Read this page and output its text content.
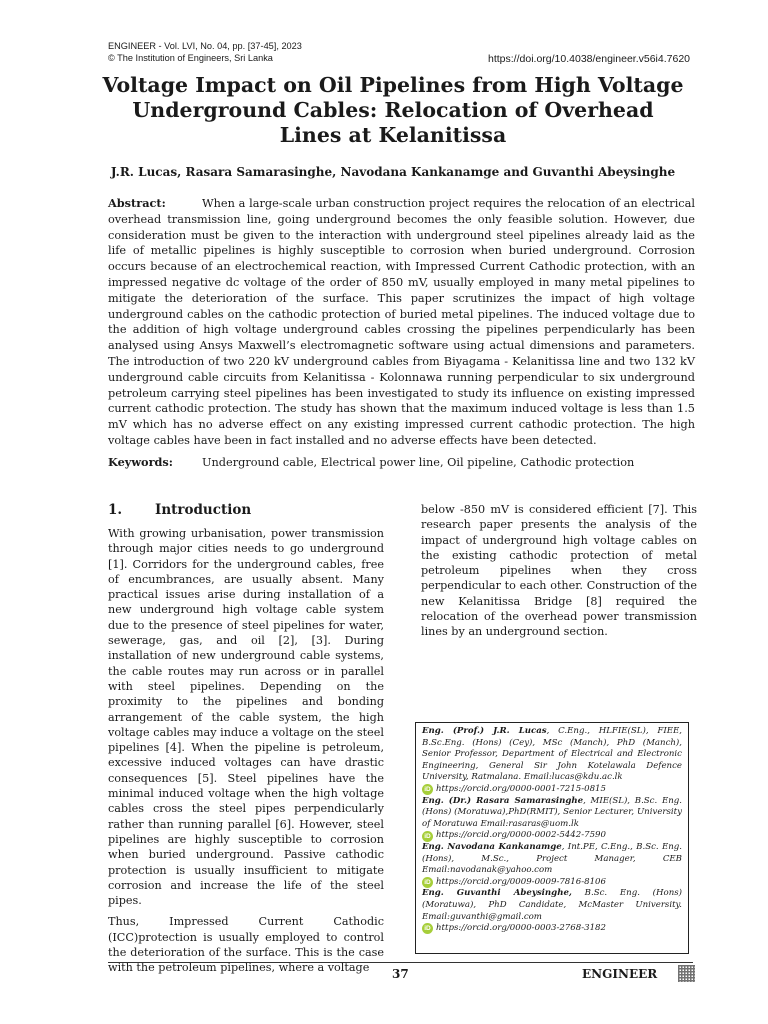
ENGINEER - Vol. LVI, No. 04, pp. [37-45], 2023
© The Institution of Engineers, Sri Lanka	https://doi.org/10.4038/engineer.v56i4.7620
Voltage Impact on Oil Pipelines from High Voltage Underground Cables: Relocation of Overhead Lines at Kelanitissa
J.R. Lucas, Rasara Samarasinghe, Navodana Kankanamge and Guvanthi Abeysinghe
Abstract:	When a large-scale urban construction project requires the relocation of an electrical overhead transmission line, going underground becomes the only feasible solution. However, due consideration must be given to the interaction with underground steel pipelines already laid as the life of metallic pipelines is highly susceptible to corrosion when buried underground. Corrosion occurs because of an electrochemical reaction, with Impressed Current Cathodic protection, with an impressed negative dc voltage of the order of 850 mV, usually employed in many metal pipelines to mitigate the deterioration of the surface. This paper scrutinizes the impact of high voltage underground cables on the cathodic protection of buried metal pipelines. The induced voltage due to the addition of high voltage underground cables crossing the pipelines perpendicularly has been analysed using Ansys Maxwell’s electromagnetic software using actual dimensions and parameters. The introduction of two 220 kV underground cables from Biyagama - Kelanitissa line and two 132 kV underground cable circuits from Kelanitissa - Kolonnawa running perpendicular to six underground petroleum carrying steel pipelines has been investigated to study its influence on existing impressed current cathodic protection. The study has shown that the maximum induced voltage is less than 1.5 mV which has no adverse effect on any existing impressed current cathodic protection. The high voltage cables have been in fact installed and no adverse effects have been detected.
Keywords:	Underground cable, Electrical power line, Oil pipeline, Cathodic protection
1. Introduction

With growing urbanisation, power transmission through major cities needs to go underground [1]. Corridors for the underground cables, free of encumbrances, are usually absent. Many practical issues arise during installation of a new underground high voltage cable system due to the presence of steel pipelines for water, sewerage, gas, and oil [2], [3]. During installation of new underground cable systems, the cable routes may run across or in parallel with steel pipelines. Depending on the proximity to the pipelines and bonding arrangement of the cable system, the high voltage cables may induce a voltage on the steel pipelines [4]. When the pipeline is petroleum, excessive induced voltages can have drastic consequences [5]. Steel pipelines have the minimal induced voltage when the high voltage cables cross the steel pipes perpendicularly rather than running parallel [6]. However, steel pipelines are highly susceptible to corrosion when buried underground. Passive cathodic protection is usually insufficient to mitigate corrosion and increase the life of the steel pipes.

Thus, Impressed Current Cathodic (ICC)protection is usually employed to control the deterioration of the surface. This is the case with the petroleum pipelines, where a voltage

below -850 mV is considered efficient [7]. This research paper presents the analysis of the impact of underground high voltage cables on the existing cathodic protection of metal petroleum pipelines when they cross perpendicular to each other. Construction of the new Kelanitissa Bridge [8] required the relocation of the overhead power transmission lines by an underground section.

Eng. (Prof.) J.R. Lucas, C.Eng., HLFIE(SL), FIEE, B.Sc.Eng. (Hons) (Cey), MSc (Manch), PhD (Manch), Senior Professor, Department of Electrical and Electronic Engineering, General Sir John Kotelawala Defence University, Ratmalana. Email:lucas@kdu.ac.lk

iD https://orcid.org/0000-0001-7215-0815

Eng. (Dr.) Rasara Samarasinghe, MIE(SL), B.Sc. Eng. (Hons) (Moratuwa),PhD(RMIT), Senior Lecturer, University of Moratuwa Email:rasaras@uom.lk

iD https://orcid.org/0000-0002-5442-7590

Eng. Navodana Kankanamge, Int.PE, C.Eng., B.Sc. Eng. (Hons), M.Sc., Project Manager, CEB Email:navodanak@yahoo.com

iD https://orcid.org/0009-0009-7816-8106

Eng. Guvanthi Abeysinghe, B.Sc. Eng. (Hons) (Moratuwa), PhD Candidate, McMaster University. Email:guvanthi@gmail.com

iD https://orcid.org/0000-0003-2768-3182
37	ENGINEER
